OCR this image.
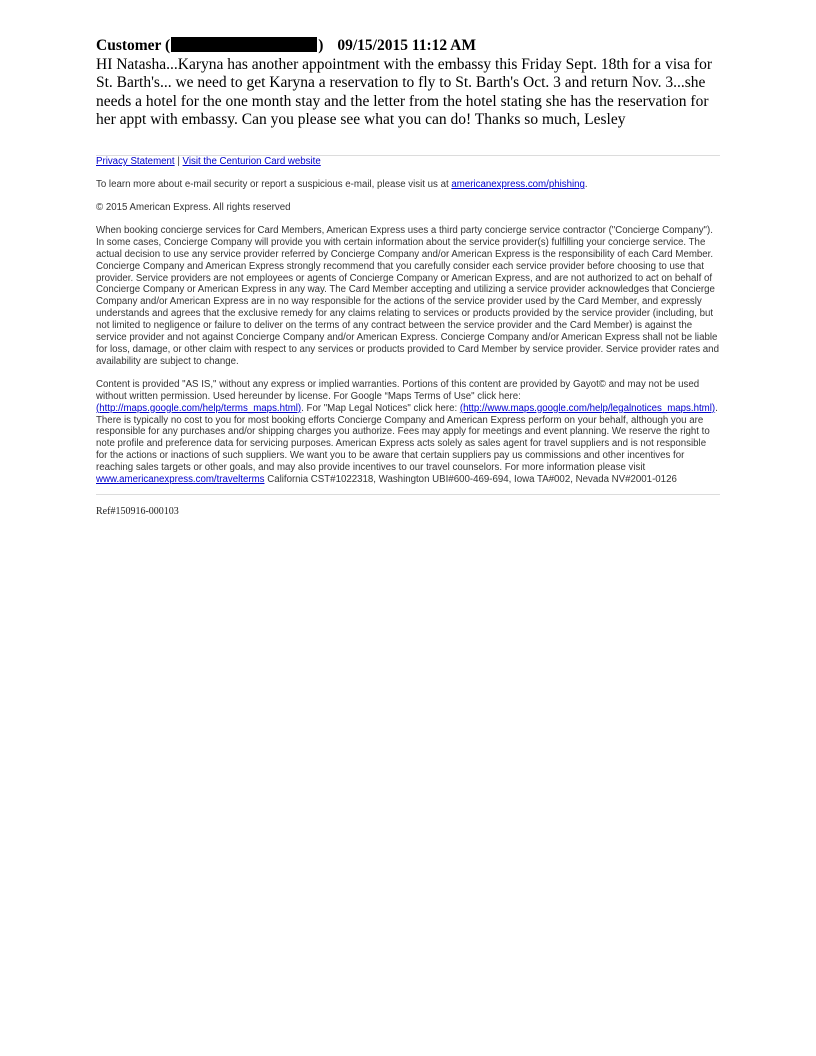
Customer (	) 09/15/2015 11:12 AM
HI Natasha...Karyna has another appointment with the embassy this Friday Sept. 18th for a visa for St. Barth's... we need to get Karyna a reservation to fly to St. Barth's Oct. 3 and return Nov. 3...she needs a hotel for the one month stay and the letter from the hotel stating she has the reservation for her appt with embassy. Can you please see what you can do! Thanks so much, Lesley

Privacy Statement | Visit the Centurion Card website

To learn more about e-mail security or report a suspicious e-mail, please visit us at americanexpress.com/phishing.

© 2015 American Express. All rights reserved

When booking concierge services for Card Members, American Express uses a third party concierge service contractor ("Concierge Company"). In some cases, Concierge Company will provide you with certain information about the service provider(s) fulfilling your concierge service. The actual decision to use any service provider referred by Concierge Company and/or American Express is the responsibility of each Card Member. Concierge Company and American Express strongly recommend that you carefully consider each service provider before choosing to use that provider. Service providers are not employees or agents of Concierge Company or American Express, and are not authorized to act on behalf of Concierge Company or American Express in any way. The Card Member accepting and utilizing a service provider acknowledges that Concierge Company and/or American Express are in no way responsible for the actions of the service provider used by the Card Member, and expressly understands and agrees that the exclusive remedy for any claims relating to services or products provided by the service provider (including, but not limited to negligence or failure to deliver on the terms of any contract between the service provider and the Card Member) is against the service provider and not against Concierge Company and/or American Express. Concierge Company and/or American Express shall not be liable for loss, damage, or other claim with respect to any services or products provided to Card Member by service provider. Service provider rates and availability are subject to change.

Content is provided "AS IS," without any express or implied warranties. Portions of this content are provided by Gayot© and may not be used without written permission. Used hereunder by license. For Google “Maps Terms of Use" click here: (http://maps.google.com/help/terms_maps.html). For "Map Legal Notices" click here: (http://www.maps.google.com/help/legalnotices_maps.html). There is typically no cost to you for most booking efforts Concierge Company and American Express perform on your behalf, although you are responsible for any purchases and/or shipping charges you authorize. Fees may apply for meetings and event planning. We reserve the right to note profile and preference data for servicing purposes. American Express acts solely as sales agent for travel suppliers and is not responsible for the actions or inactions of such suppliers. We want you to be aware that certain suppliers pay us commissions and other incentives for reaching sales targets or other goals, and may also provide incentives to our travel counselors. For more information please visit www.americanexpress.com/travelterms California CST#1022318, Washington UBI#600-469-694, Iowa TA#002, Nevada NV#2001-0126

Ref#150916-000103
